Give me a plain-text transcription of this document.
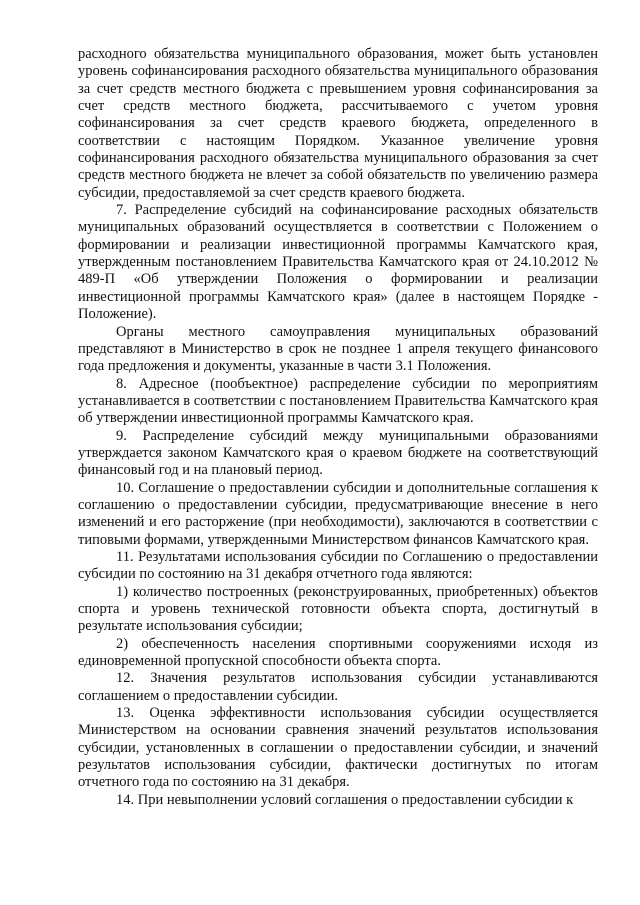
расходного обязательства муниципального образования, может быть установлен уровень софинансирования расходного обязательства муниципального образования за счет средств местного бюджета с превышением уровня софинансирования за счет средств местного бюджета, рассчитываемого с учетом уровня софинансирования за счет средств краевого бюджета, определенного в соответствии с настоящим Порядком. Указанное увеличение уровня софинансирования расходного обязательства муниципального образования за счет средств местного бюджета не влечет за собой обязательств по увеличению размера субсидии, предоставляемой за счет средств краевого бюджета.

7. Распределение субсидий на софинансирование расходных обязательств муниципальных образований осуществляется в соответствии с Положением о формировании и реализации инвестиционной программы Камчатского края, утвержденным постановлением Правительства Камчатского края от 24.10.2012 № 489-П «Об утверждении Положения о формировании и реализации инвестиционной программы Камчатского края» (далее в настоящем Порядке - Положение).

Органы местного самоуправления муниципальных образований представляют в Министерство в срок не позднее 1 апреля текущего финансового года предложения и документы, указанные в части 3.1 Положения.

8. Адресное (пообъектное) распределение субсидии по мероприятиям устанавливается в соответствии с постановлением Правительства Камчатского края об утверждении инвестиционной программы Камчатского края.

9. Распределение субсидий между муниципальными образованиями утверждается законом Камчатского края о краевом бюджете на соответствующий финансовый год и на плановый период.

10. Соглашение о предоставлении субсидии и дополнительные соглашения к соглашению о предоставлении субсидии, предусматривающие внесение в него изменений и его расторжение (при необходимости), заключаются в соответствии с типовыми формами, утвержденными Министерством финансов Камчатского края.

11. Результатами использования субсидии по Соглашению о предоставлении субсидии по состоянию на 31 декабря отчетного года являются:

1) количество построенных (реконструированных, приобретенных) объектов спорта и уровень технической готовности объекта спорта, достигнутый в результате использования субсидии;

2) обеспеченность населения спортивными сооружениями исходя из единовременной пропускной способности объекта спорта.

12. Значения результатов использования субсидии устанавливаются соглашением о предоставлении субсидии.

13. Оценка эффективности использования субсидии осуществляется Министерством на основании сравнения значений результатов использования субсидии, установленных в соглашении о предоставлении субсидии, и значений результатов использования субсидии, фактически достигнутых по итогам отчетного года по состоянию на 31 декабря.

14. При невыполнении условий соглашения о предоставлении субсидии к
